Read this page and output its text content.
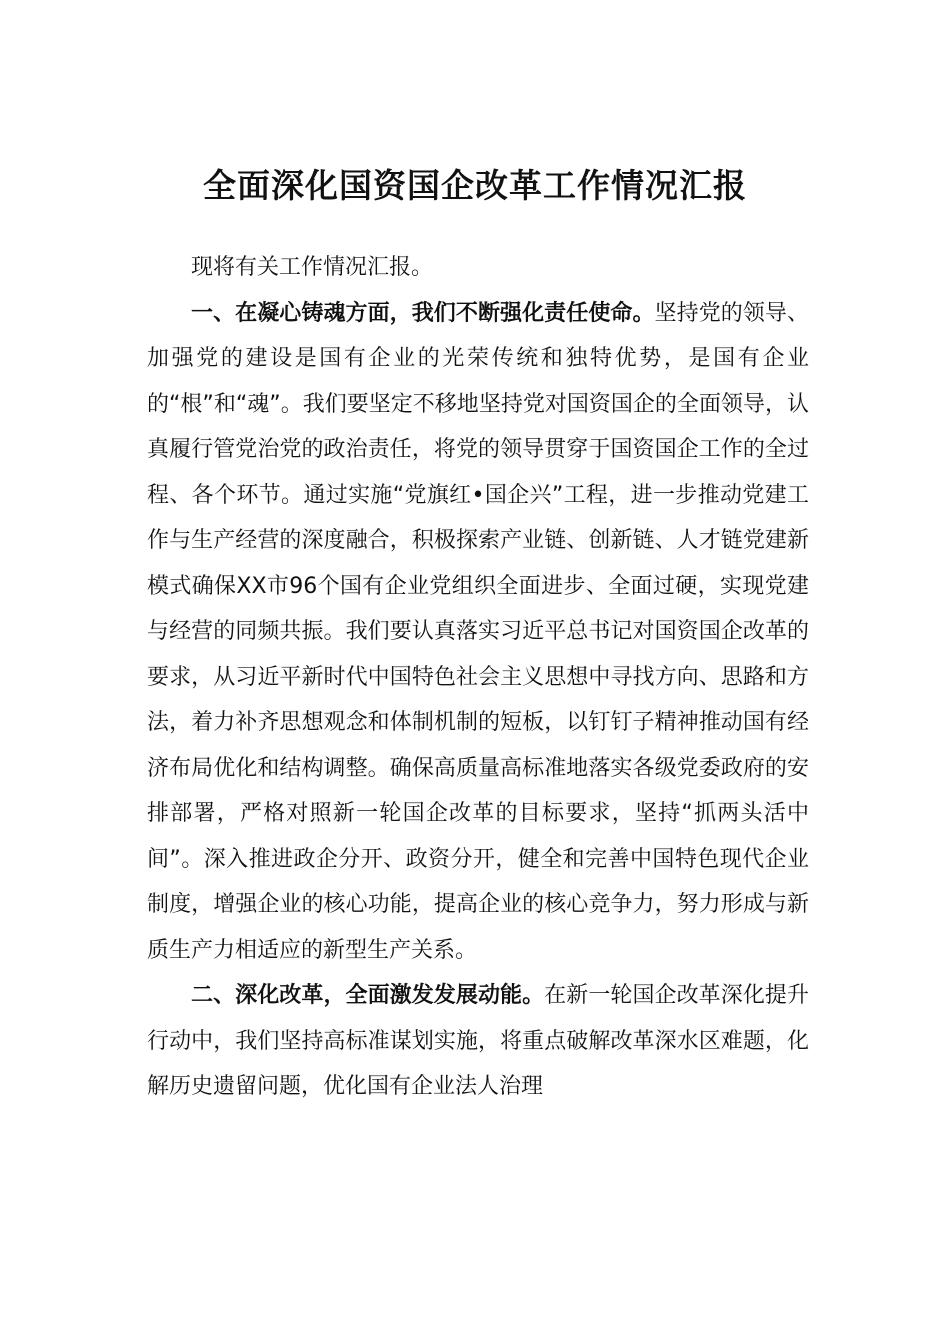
全面深化国资国企改革工作情况汇报

现将有关工作情况汇报。

一、在凝心铸魂方面，我们不断强化责任使命。坚持党的领导、加强党的建设是国有企业的光荣传统和独特优势，是国有企业的“根”和“魂”。我们要坚定不移地坚持党对国资国企的全面领导，认真履行管党治党的政治责任，将党的领导贯穿于国资国企工作的全过程、各个环节。通过实施“党旗红•国企兴”工程，进一步推动党建工作与生产经营的深度融合，积极探索产业链、创新链、人才链党建新模式确保XX市96个国有企业党组织全面进步、全面过硬，实现党建与经营的同频共振。我们要认真落实习近平总书记对国资国企改革的要求，从习近平新时代中国特色社会主义思想中寻找方向、思路和方法，着力补齐思想观念和体制机制的短板，以钉钉子精神推动国有经济布局优化和结构调整。确保高质量高标准地落实各级党委政府的安排部署，严格对照新一轮国企改革的目标要求，坚持“抓两头活中间”。深入推进政企分开、政资分开，健全和完善中国特色现代企业制度，增强企业的核心功能，提高企业的核心竞争力，努力形成与新质生产力相适应的新型生产关系。

二、深化改革，全面激发发展动能。在新一轮国企改革深化提升行动中，我们坚持高标准谋划实施，将重点破解改革深水区难题，化解历史遗留问题，优化国有企业法人治理
